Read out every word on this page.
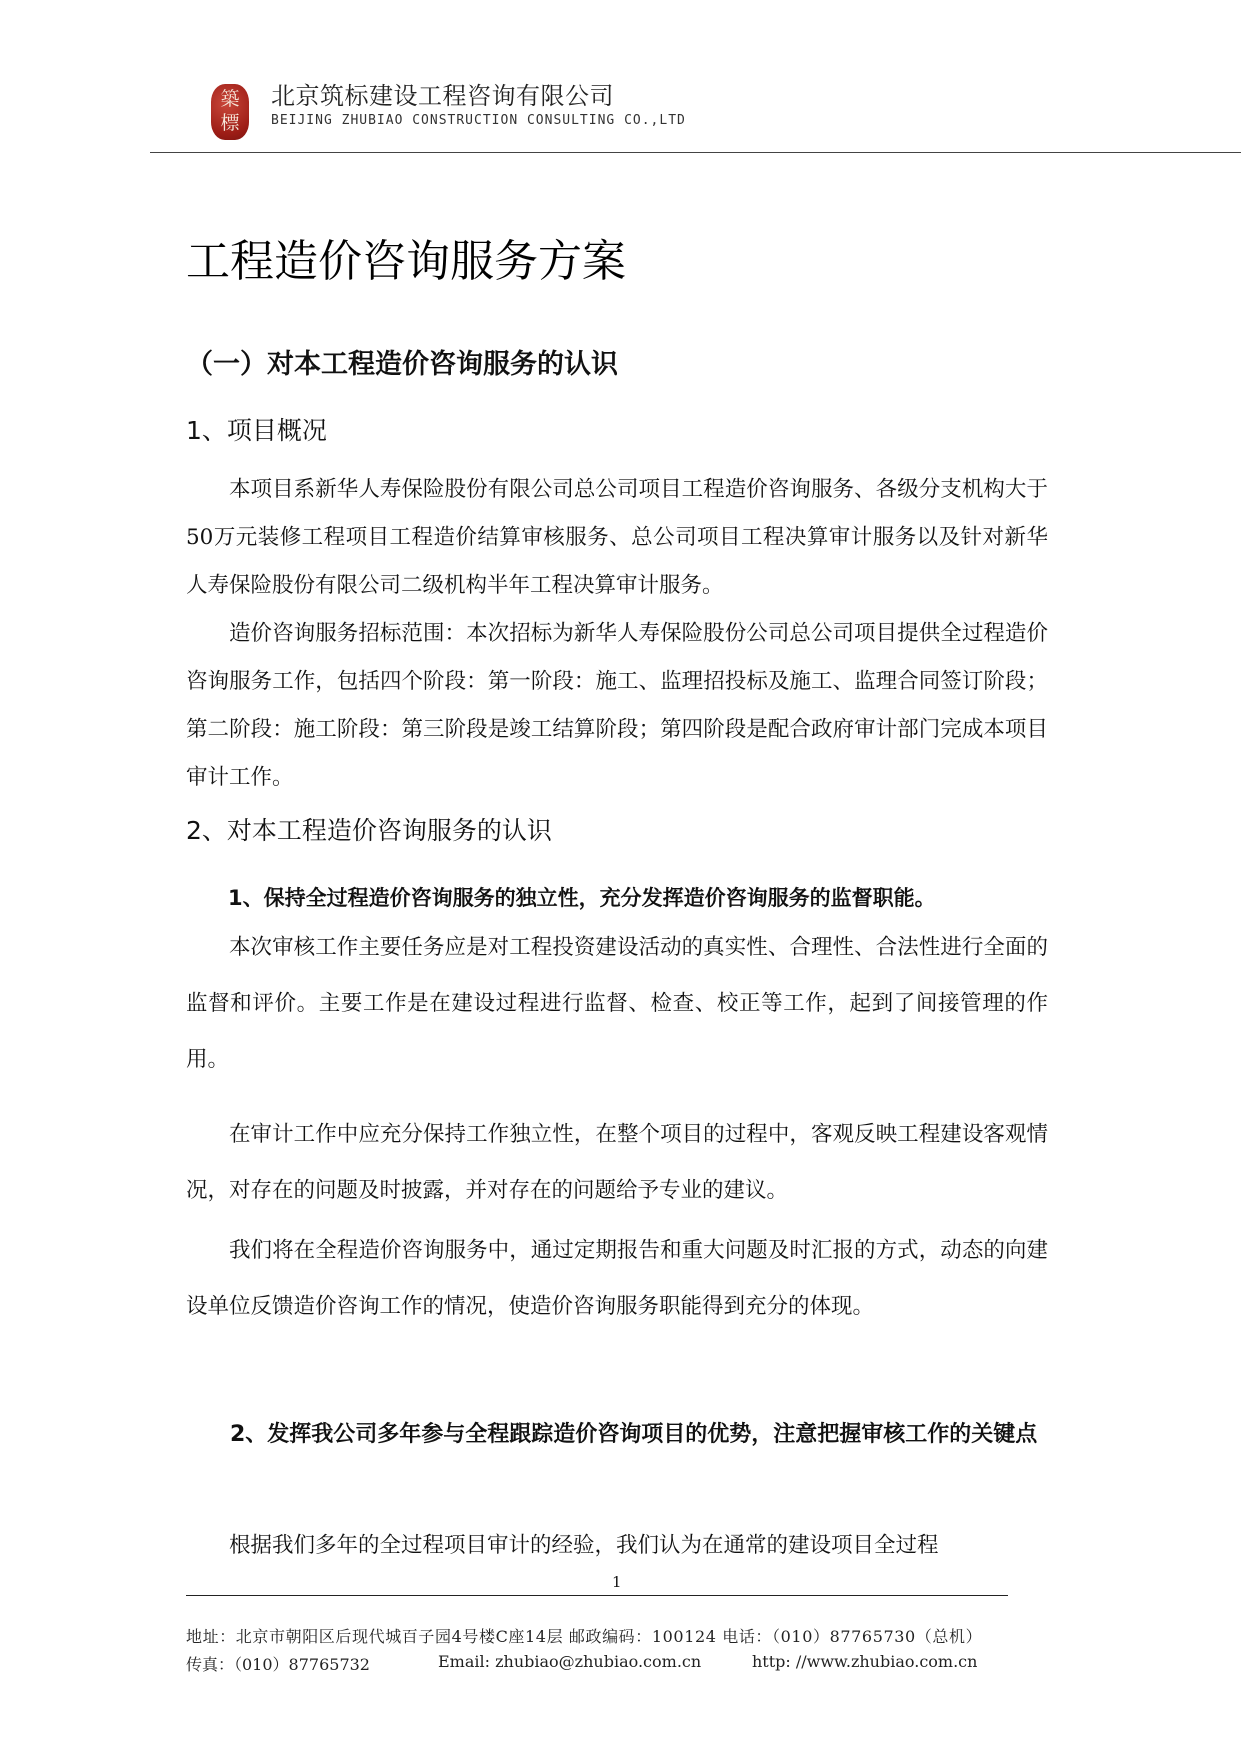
築
標
北京筑标建设工程咨询有限公司
BEIJING ZHUBIAO CONSTRUCTION CONSULTING CO.,LTD
工程造价咨询服务方案
（一）对本工程造价咨询服务的认识
1、项目概况

本项目系新华人寿保险股份有限公司总公司项目工程造价咨询服务、各级分支机构大于50万元装修工程项目工程造价结算审核服务、总公司项目工程决算审计服务以及针对新华人寿保险股份有限公司二级机构半年工程决算审计服务。

造价咨询服务招标范围：本次招标为新华人寿保险股份公司总公司项目提供全过程造价咨询服务工作，包括四个阶段：第一阶段：施工、监理招投标及施工、监理合同签订阶段；第二阶段：施工阶段：第三阶段是竣工结算阶段；第四阶段是配合政府审计部门完成本项目审计工作。

2、对本工程造价咨询服务的认识

1、保持全过程造价咨询服务的独立性，充分发挥造价咨询服务的监督职能。

本次审核工作主要任务应是对工程投资建设活动的真实性、合理性、合法性进行全面的监督和评价。主要工作是在建设过程进行监督、检查、校正等工作，起到了间接管理的作用。

在审计工作中应充分保持工作独立性，在整个项目的过程中，客观反映工程建设客观情况，对存在的问题及时披露，并对存在的问题给予专业的建议。

我们将在全程造价咨询服务中，通过定期报告和重大问题及时汇报的方式，动态的向建设单位反馈造价咨询工作的情况，使造价咨询服务职能得到充分的体现。

2、发挥我公司多年参与全程跟踪造价咨询项目的优势，注意把握审核工作的关键点

根据我们多年的全过程项目审计的经验，我们认为在通常的建设项目全过程

1
地址：北京市朝阳区后现代城百子园4号楼C座14层 邮政编码：100124 电话：（010）87765730（总机）
传真：（010）87765732	Email: zhubiao@zhubiao.com.cn	http: //www.zhubiao.com.cn
